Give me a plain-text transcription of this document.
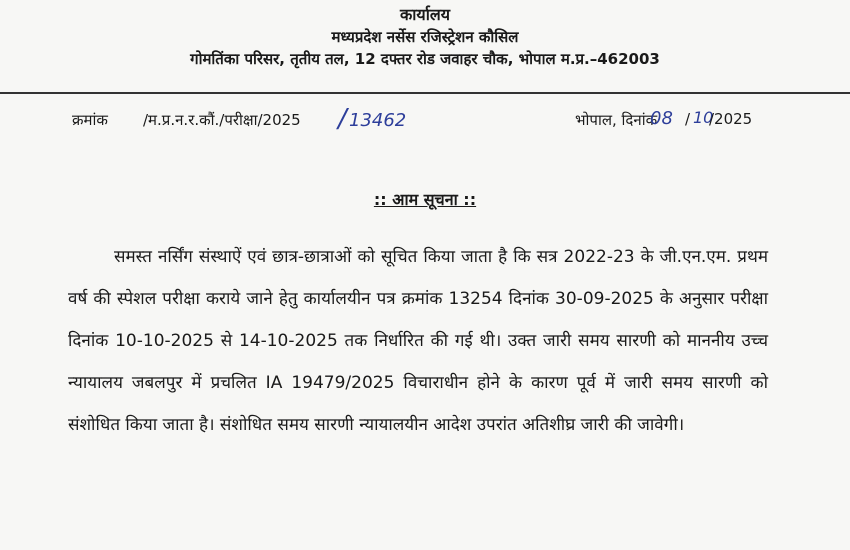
कार्यालय
मध्यप्रदेश नर्सेस रजिस्ट्रेशन कौसिल
गोमतिंका परिसर, तृतीय तल, 12 दफ्तर रोड जवाहर चौक, भोपाल म.प्र.–462003
क्रमांक /म.प्र.न.र.कौं./परीक्षा/2025 / 13462	भोपाल, दिनांक
08 / 10
/2025
:: आम सूचना ::

समस्त नर्सिंग संस्थाऐं एवं छात्र-छात्राओं को सूचित किया जाता है कि सत्र 2022-23 के जी.एन.एम. प्रथम वर्ष की स्पेशल परीक्षा कराये जाने हेतु कार्यालयीन पत्र क्रमांक 13254 दिनांक 30-09-2025 के अनुसार परीक्षा दिनांक 10-10-2025 से 14-10-2025 तक निर्धारित की गई थी। उक्त जारी समय सारणी को माननीय उच्च न्यायालय जबलपुर में प्रचलित IA 19479/2025 विचाराधीन होने के कारण पूर्व में जारी समय सारणी को संशोधित किया जाता है। संशोधित समय सारणी न्यायालयीन आदेश उपरांत अतिशीघ्र जारी की जावेगी।
